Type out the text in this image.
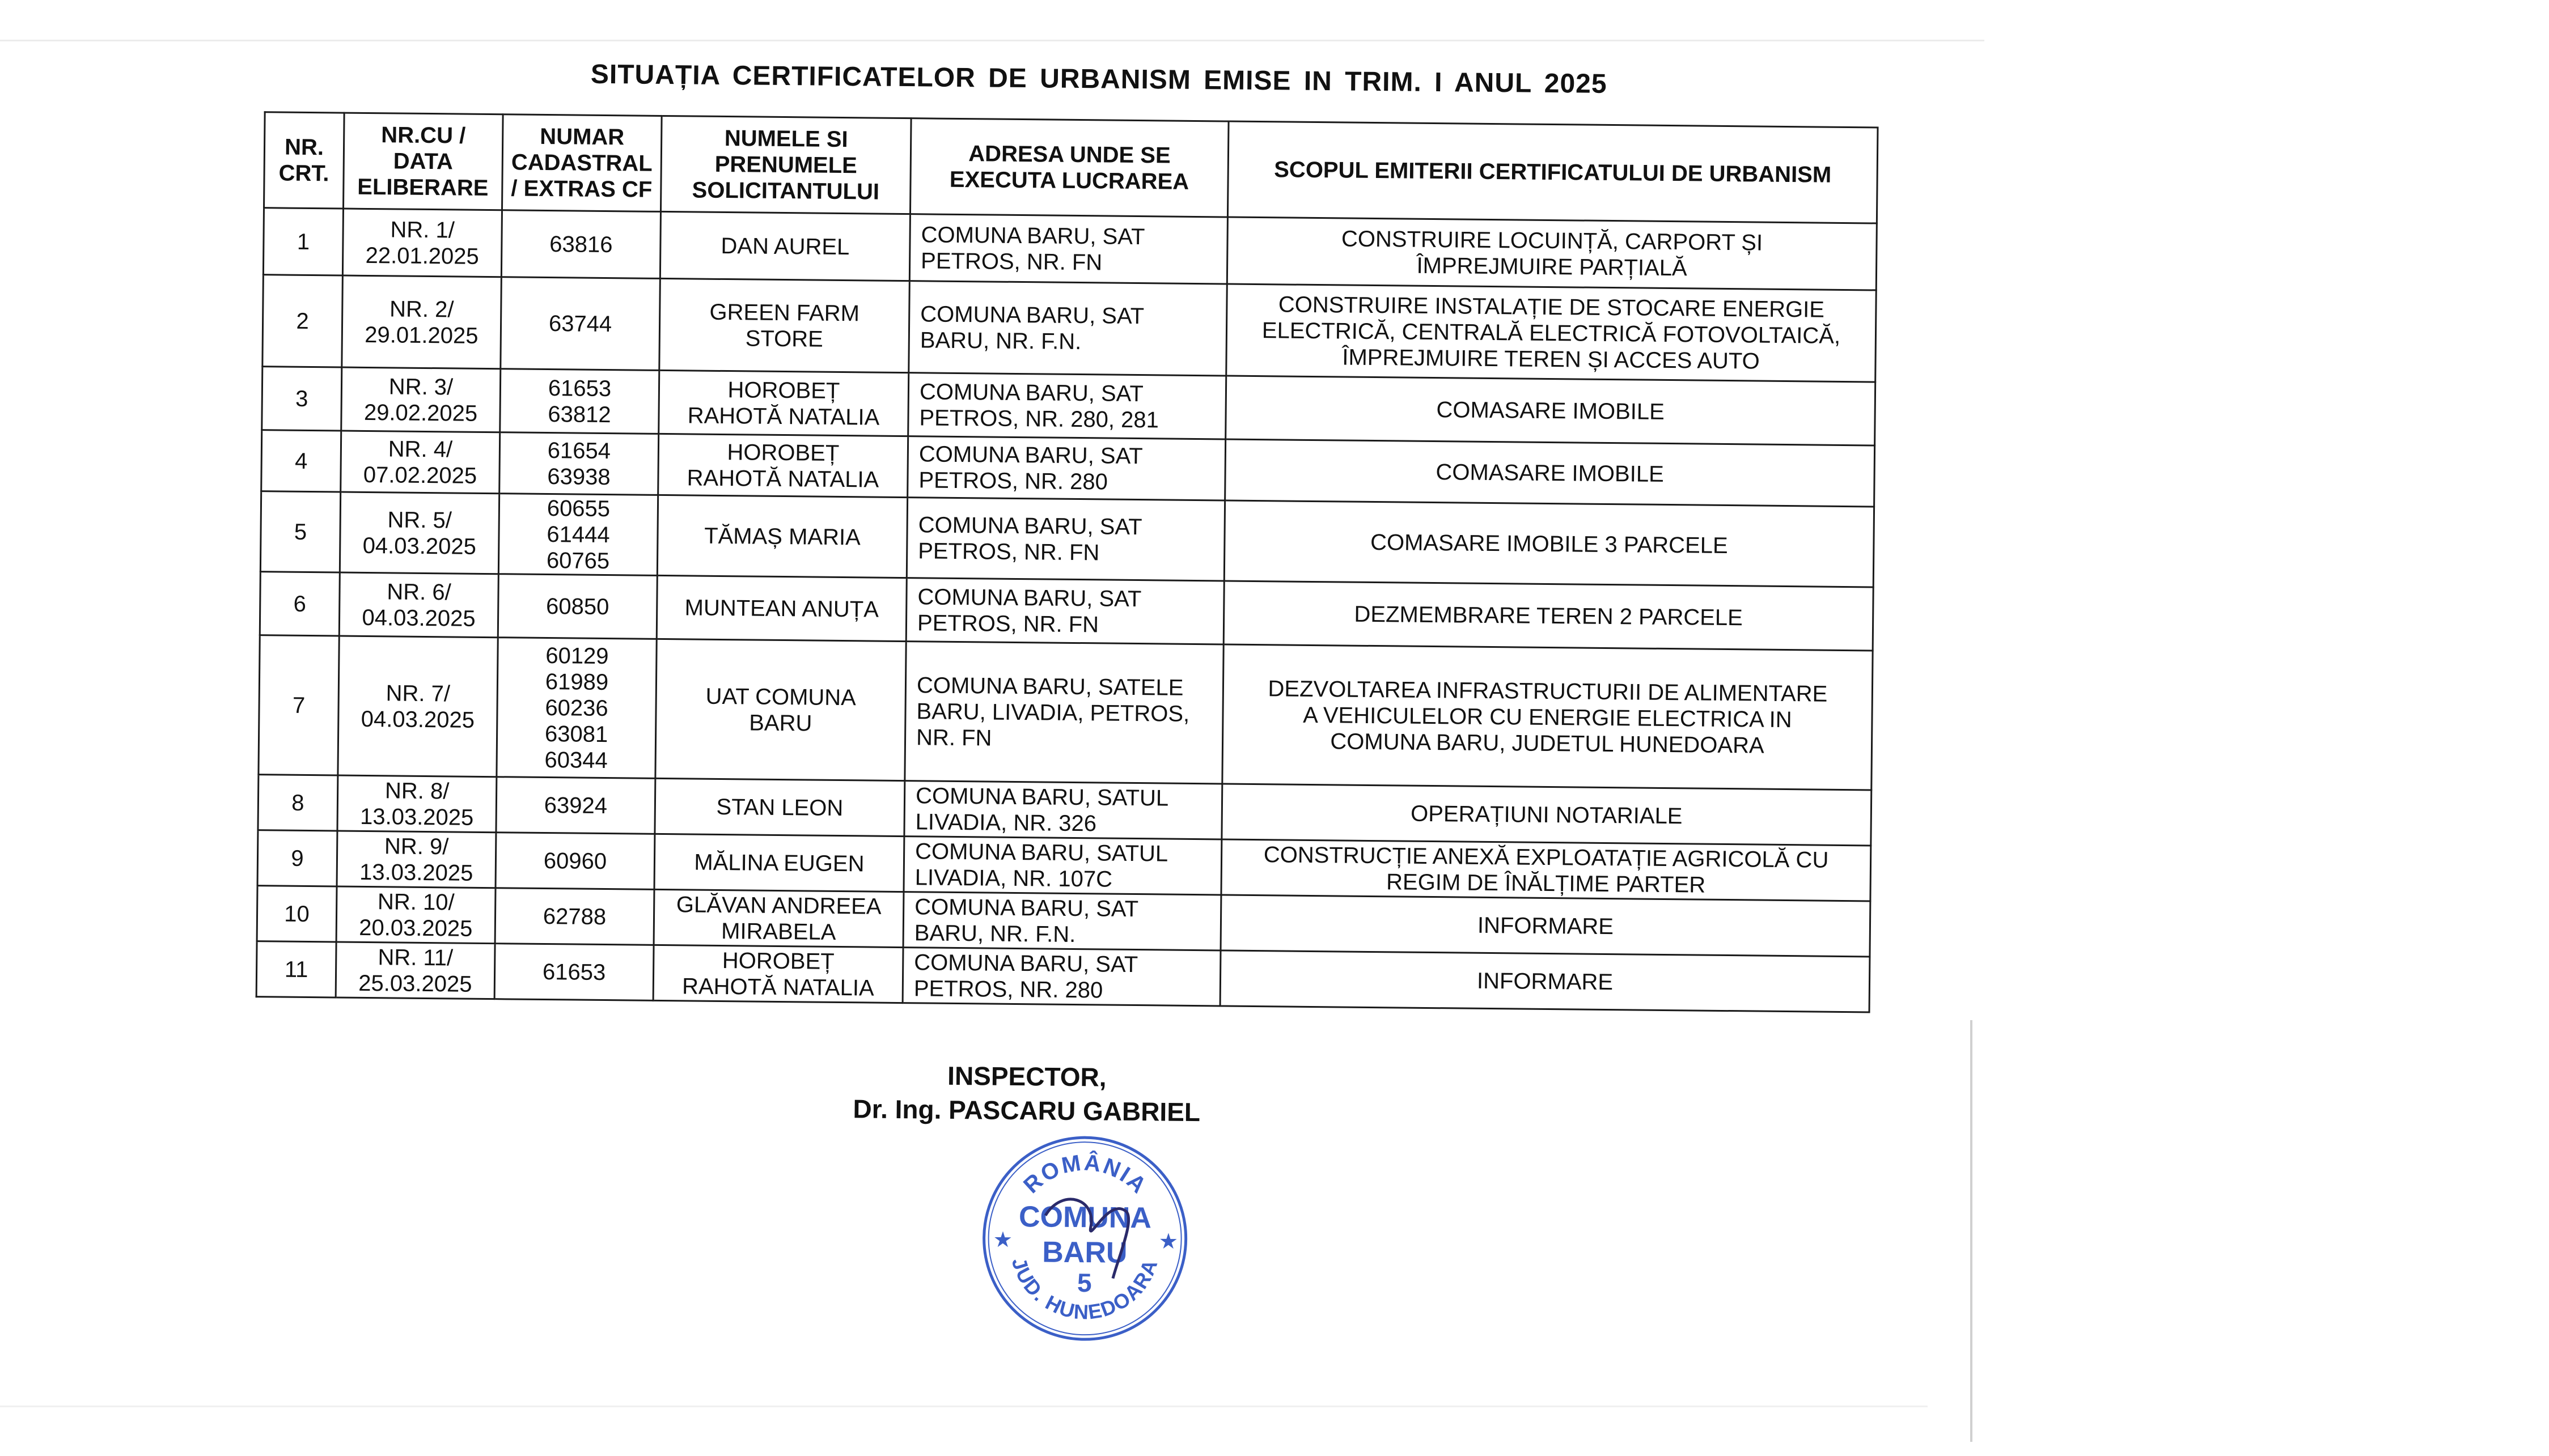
SITUAȚIA CERTIFICATELOR DE URBANISM EMISE IN TRIM. I ANUL 2025
NR.
CRT.	NR.CU /
DATA
ELIBERARE	NUMAR
CADASTRAL
/ EXTRAS CF	NUMELE SI
PRENUMELE
SOLICITANTULUI	ADRESA UNDE SE
EXECUTA LUCRAREA	SCOPUL EMITERII CERTIFICATULUI DE URBANISM
1	NR. 1/
22.01.2025	63816	DAN AUREL	COMUNA BARU, SAT
PETROS, NR. FN	CONSTRUIRE LOCUINȚĂ, CARPORT ȘI
ÎMPREJMUIRE PARȚIALĂ
2	NR. 2/
29.01.2025	63744	GREEN FARM
STORE	COMUNA BARU, SAT
BARU, NR. F.N.	CONSTRUIRE INSTALAȚIE DE STOCARE ENERGIE
ELECTRICĂ, CENTRALĂ ELECTRICĂ FOTOVOLTAICĂ,
ÎMPREJMUIRE TEREN ȘI ACCES AUTO
3	NR. 3/
29.02.2025	61653
63812	HOROBEȚ
RAHOTĂ NATALIA	COMUNA BARU, SAT
PETROS, NR. 280, 281	COMASARE IMOBILE
4	NR. 4/
07.02.2025	61654
63938	HOROBEȚ
RAHOTĂ NATALIA	COMUNA BARU, SAT
PETROS, NR. 280	COMASARE IMOBILE
5	NR. 5/
04.03.2025	60655
61444
60765	TĂMAȘ MARIA	COMUNA BARU, SAT
PETROS, NR. FN	COMASARE IMOBILE 3 PARCELE
6	NR. 6/
04.03.2025	60850	MUNTEAN ANUȚA	COMUNA BARU, SAT
PETROS, NR. FN	DEZMEMBRARE TEREN 2 PARCELE
7	NR. 7/
04.03.2025	60129
61989
60236
63081
60344	UAT COMUNA
BARU	COMUNA BARU, SATELE
BARU, LIVADIA, PETROS,
NR. FN	DEZVOLTAREA INFRASTRUCTURII DE ALIMENTARE
A VEHICULELOR CU ENERGIE ELECTRICA IN
COMUNA BARU, JUDETUL HUNEDOARA
8	NR. 8/
13.03.2025	63924	STAN LEON	COMUNA BARU, SATUL
LIVADIA, NR. 326	OPERAȚIUNI NOTARIALE
9	NR. 9/
13.03.2025	60960	MĂLINA EUGEN	COMUNA BARU, SATUL
LIVADIA, NR. 107C	CONSTRUCȚIE ANEXĂ EXPLOATAȚIE AGRICOLĂ CU
REGIM DE ÎNĂLȚIME PARTER
10	NR. 10/
20.03.2025	62788	GLĂVAN ANDREEA
MIRABELA	COMUNA BARU, SAT
BARU, NR. F.N.	INFORMARE
11	NR. 11/
25.03.2025	61653	HOROBEȚ
RAHOTĂ NATALIA	COMUNA BARU, SAT
PETROS, NR. 280	INFORMARE
INSPECTOR,
Dr. Ing. PASCARU GABRIEL
ROMÂNIA
COMUNA
BARU
5
JUD. HUNEDOARA
★	★
